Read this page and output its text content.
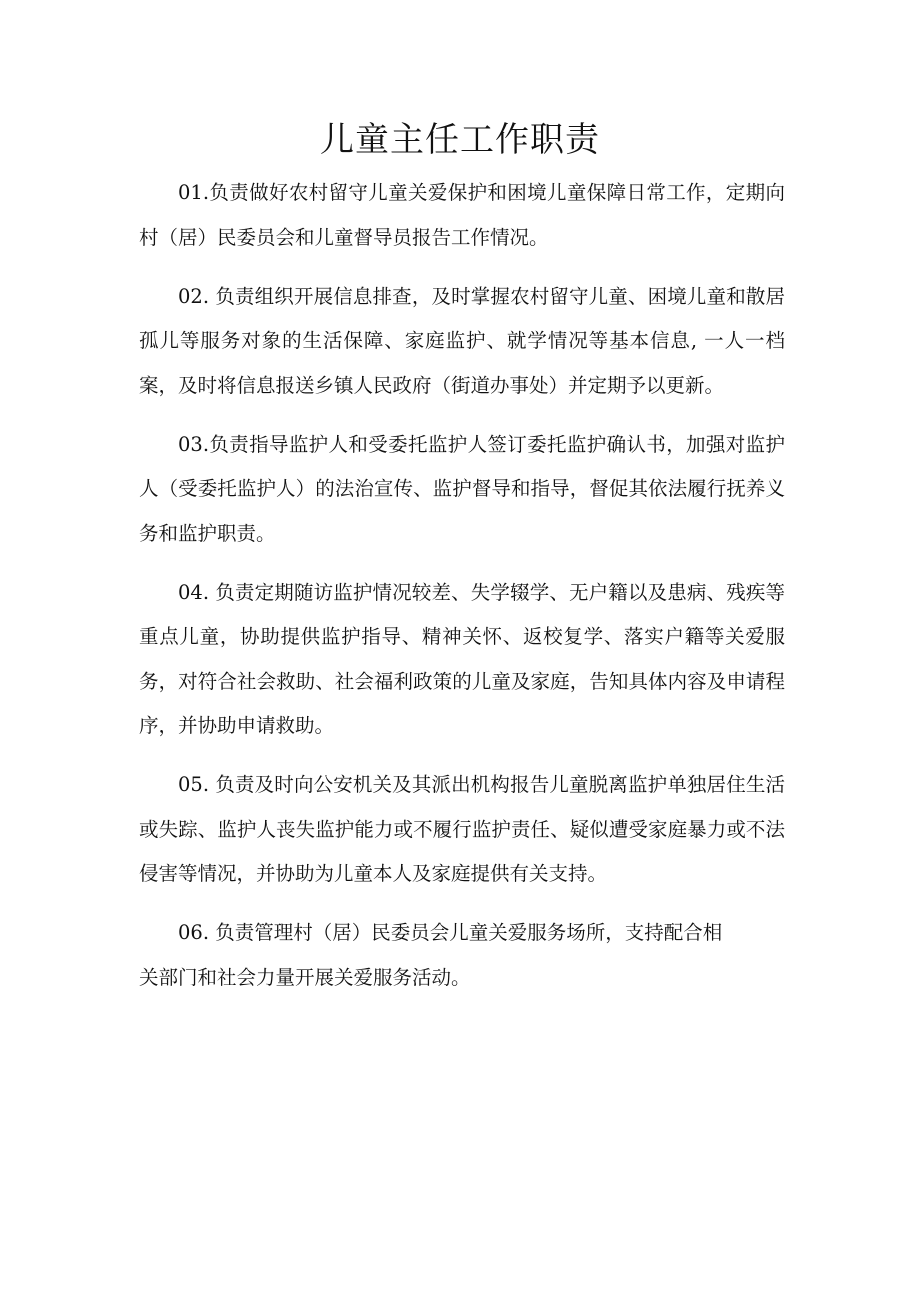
儿童主任工作职责

01.负责做好农村留守儿童关爱保护和困境儿童保障日常工作，定期向村（居）民委员会和儿童督导员报告工作情况。

02. 负责组织开展信息排查，及时掌握农村留守儿童、困境儿童和散居孤儿等服务对象的生活保障、家庭监护、就学情况等基本信息, 一人一档案，及时将信息报送乡镇人民政府（街道办事处）并定期予以更新。

03.负责指导监护人和受委托监护人签订委托监护确认书，加强对监护人（受委托监护人）的法治宣传、监护督导和指导，督促其依法履行抚养义务和监护职责。

04. 负责定期随访监护情况较差、失学辍学、无户籍以及患病、残疾等重点儿童，协助提供监护指导、精神关怀、返校复学、落实户籍等关爱服务，对符合社会救助、社会福利政策的儿童及家庭，告知具体内容及申请程序，并协助申请救助。

05. 负责及时向公安机关及其派出机构报告儿童脱离监护单独居住生活或失踪、监护人丧失监护能力或不履行监护责任、疑似遭受家庭暴力或不法侵害等情况，并协助为儿童本人及家庭提供有关支持。

06. 负责管理村（居）民委员会儿童关爱服务场所，支持配合相

关部门和社会力量开展关爱服务活动。
